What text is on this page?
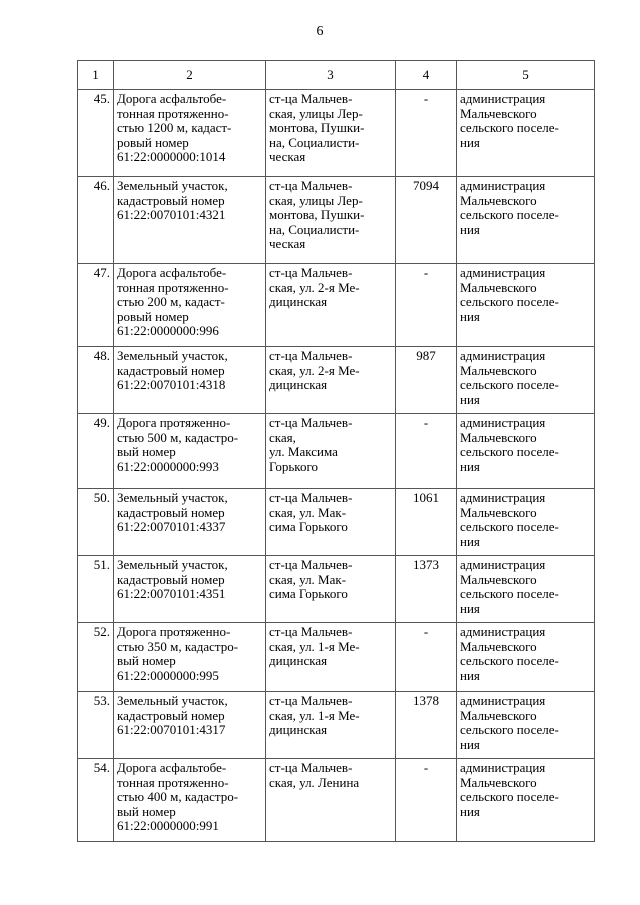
6
1	2	3	4	5
45.	Дорога асфальтобе-
тонная протяженно-
стью 1200 м, кадаст-
ровый номер
61:22:0000000:1014	ст-ца Мальчев-
ская, улицы Лер-
монтова, Пушки-
на, Социалисти-
ческая	-	администрация
Мальчевского
сельского поселе-
ния

46.	Земельный участок,
кадастровый номер
61:22:0070101:4321	ст-ца Мальчев-
ская, улицы Лер-
монтова, Пушки-
на, Социалисти-
ческая	7094	администрация
Мальчевского
сельского поселе-
ния

47.	Дорога асфальтобе-
тонная протяженно-
стью 200 м, кадаст-
ровый номер
61:22:0000000:996	ст-ца Мальчев-
ская, ул. 2-я Ме-
дицинская	-	администрация
Мальчевского
сельского поселе-
ния

48.	Земельный участок,
кадастровый номер
61:22:0070101:4318	ст-ца Мальчев-
ская, ул. 2-я Ме-
дицинская	987	администрация
Мальчевского
сельского поселе-
ния

49.	Дорога протяженно-
стью 500 м, кадастро-
вый номер
61:22:0000000:993	ст-ца Мальчев-
ская,
ул. Максима
Горького	-	администрация
Мальчевского
сельского поселе-
ния

50.	Земельный участок,
кадастровый номер
61:22:0070101:4337	ст-ца Мальчев-
ская, ул. Мак-
сима Горького	1061	администрация
Мальчевского
сельского поселе-
ния

51.	Земельный участок,
кадастровый номер
61:22:0070101:4351	ст-ца Мальчев-
ская, ул. Мак-
сима Горького	1373	администрация
Мальчевского
сельского поселе-
ния

52.	Дорога протяженно-
стью 350 м, кадастро-
вый номер
61:22:0000000:995	ст-ца Мальчев-
ская, ул. 1-я Ме-
дицинская	-	администрация
Мальчевского
сельского поселе-
ния

53.	Земельный участок,
кадастровый номер
61:22:0070101:4317	ст-ца Мальчев-
ская, ул. 1-я Ме-
дицинская	1378	администрация
Мальчевского
сельского поселе-
ния

54.	Дорога асфальтобе-
тонная протяженно-
стью 400 м, кадастро-
вый номер
61:22:0000000:991	ст-ца Мальчев-
ская, ул. Ленина	-	администрация
Мальчевского
сельского поселе-
ния
